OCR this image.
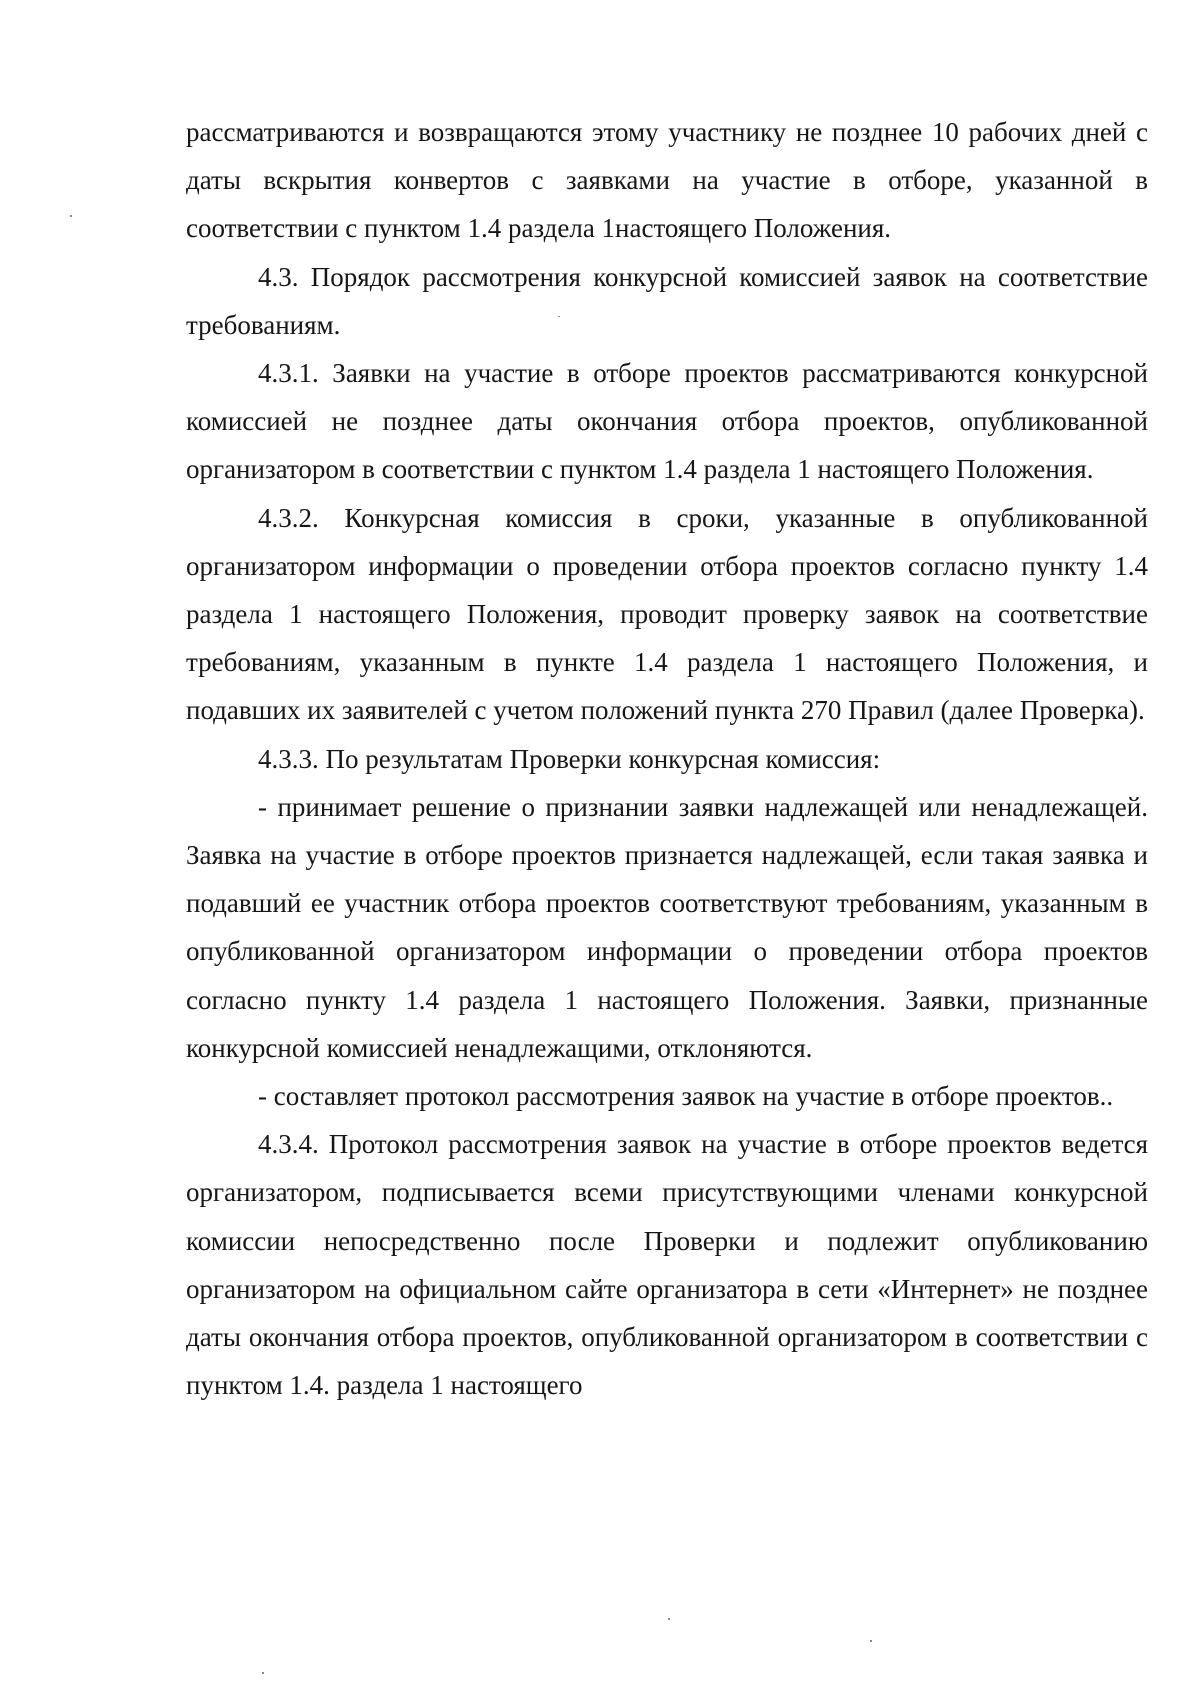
рассматриваются и возвращаются этому участнику не позднее 10 рабочих дней с даты вскрытия конвертов с заявками на участие в отборе, указанной в соответствии с пунктом 1.4 раздела 1настоящего Положения.

4.3. Порядок рассмотрения конкурсной комиссией заявок на соответствие требованиям.

4.3.1. Заявки на участие в отборе проектов рассматриваются конкурсной комиссией не позднее даты окончания отбора проектов, опубликованной организатором в соответствии с пунктом 1.4 раздела 1 настоящего Положения.

4.3.2. Конкурсная комиссия в сроки, указанные в опубликованной организатором информации о проведении отбора проектов согласно пункту 1.4 раздела 1 настоящего Положения, проводит проверку заявок на соответствие требованиям, указанным в пункте 1.4 раздела 1 настоящего Положения, и подавших их заявителей с учетом положений пункта 270 Правил (далее Проверка).

4.3.3. По результатам Проверки конкурсная комиссия:

- принимает решение о признании заявки надлежащей или ненадлежащей. Заявка на участие в отборе проектов признается надлежащей, если такая заявка и подавший ее участник отбора проектов соответствуют требованиям, указанным в опубликованной организатором информации о проведении отбора проектов согласно пункту 1.4 раздела 1 настоящего Положения. Заявки, признанные конкурсной комиссией ненадлежащими, отклоняются.

- составляет протокол рассмотрения заявок на участие в отборе проектов..

4.3.4. Протокол рассмотрения заявок на участие в отборе проектов ведется организатором, подписывается всеми присутствующими членами конкурсной комиссии непосредственно после Проверки и подлежит опубликованию организатором на официальном сайте организатора в сети «Интернет» не позднее даты окончания отбора проектов, опубликованной организатором в соответствии с пунктом 1.4. раздела 1 настоящего
